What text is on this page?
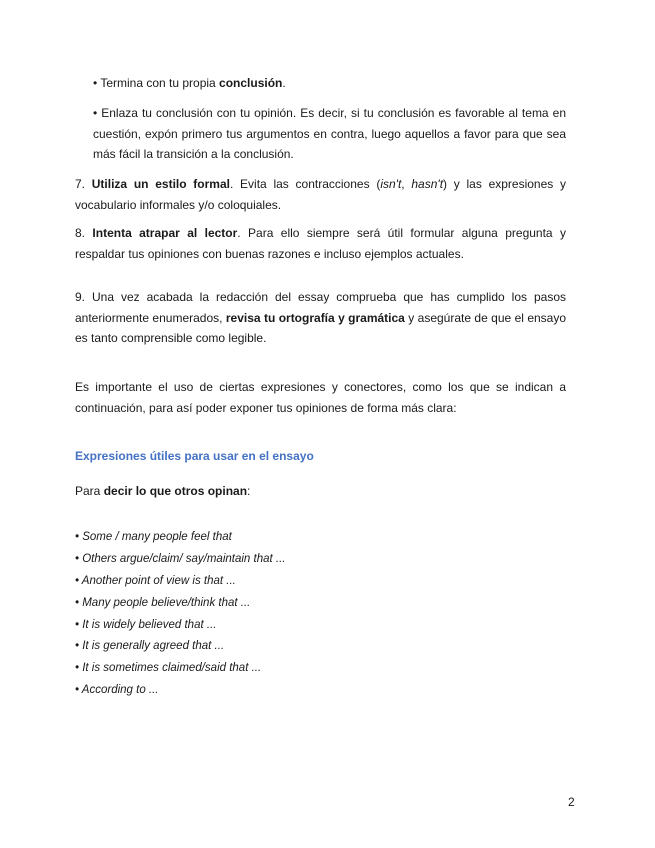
• Termina con tu propia conclusión.

• Enlaza tu conclusión con tu opinión. Es decir, si tu conclusión es favorable al tema en cuestión, expón primero tus argumentos en contra, luego aquellos a favor para que sea más fácil la transición a la conclusión.

7. Utiliza un estilo formal. Evita las contracciones (isn't, hasn't) y las expresiones y vocabulario informales y/o coloquiales.

8. Intenta atrapar al lector. Para ello siempre será útil formular alguna pregunta y respaldar tus opiniones con buenas razones e incluso ejemplos actuales.

9. Una vez acabada la redacción del essay comprueba que has cumplido los pasos anteriormente enumerados, revisa tu ortografía y gramática y asegúrate de que el ensayo es tanto comprensible como legible.

Es importante el uso de ciertas expresiones y conectores, como los que se indican a continuación, para así poder exponer tus opiniones de forma más clara:

Expresiones útiles para usar en el ensayo

Para decir lo que otros opinan:

• Some / many people feel that
• Others argue/claim/ say/maintain that ...
• Another point of view is that ...
• Many people believe/think that ...
• It is widely believed that ...
• It is generally agreed that ...
• It is sometimes claimed/said that ...
• According to ...

2
